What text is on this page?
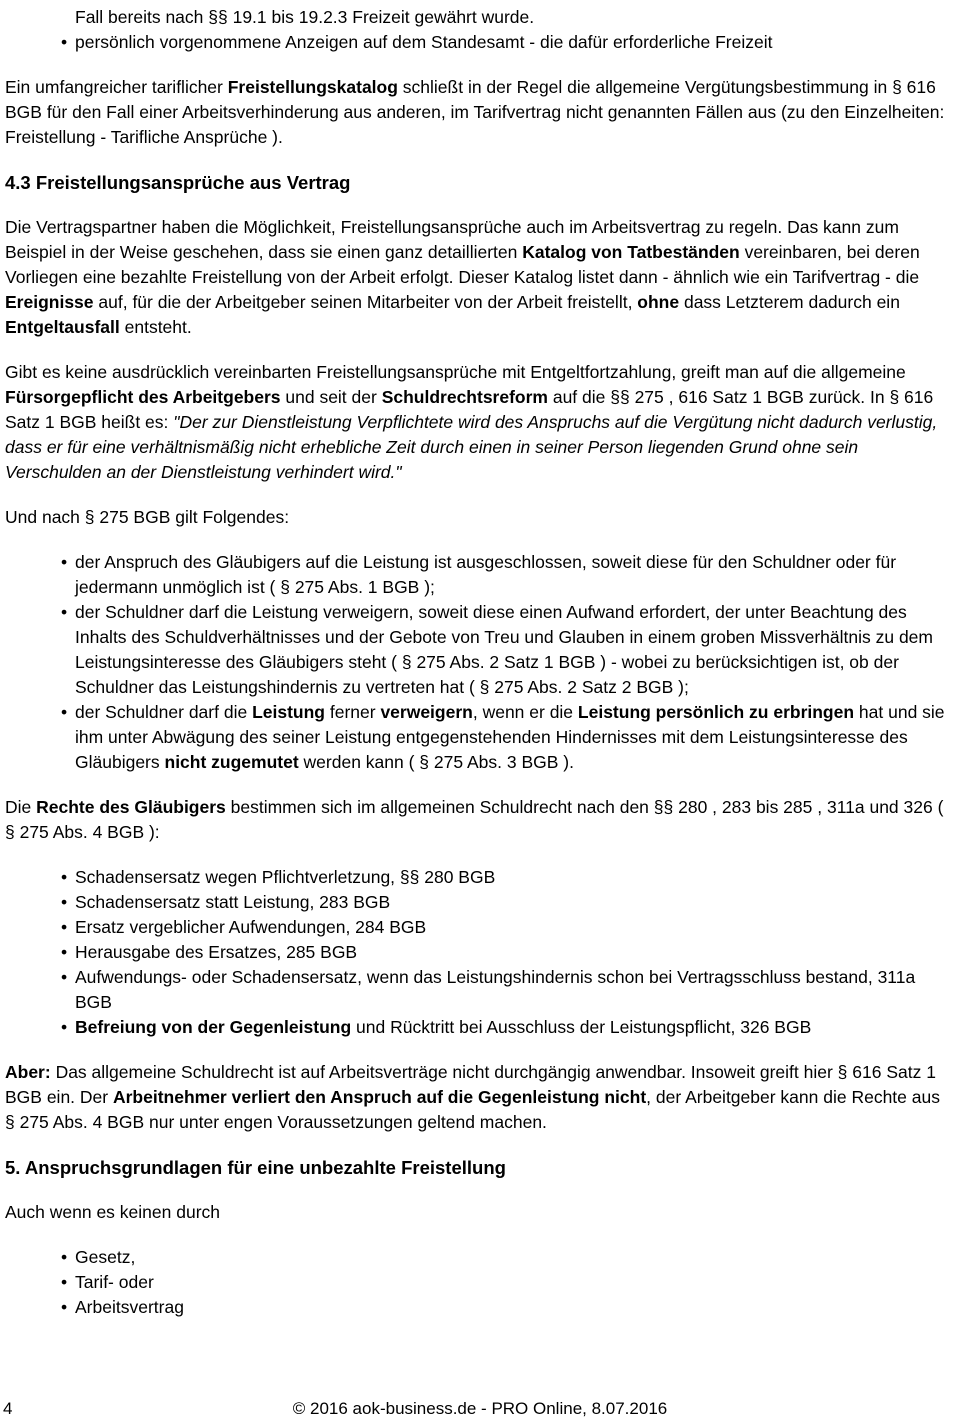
Fall bereits nach §§ 19.1 bis 19.2.3 Freizeit gewährt wurde.

• persönlich vorgenommene Anzeigen auf dem Standesamt - die dafür erforderliche Freizeit

Ein umfangreicher tariflicher Freistellungskatalog schließt in der Regel die allgemeine Vergütungsbestimmung in § 616 BGB für den Fall einer Arbeitsverhinderung aus anderen, im Tarifvertrag nicht genannten Fällen aus (zu den Einzelheiten: Freistellung - Tarifliche Ansprüche ).

4.3 Freistellungsansprüche aus Vertrag

Die Vertragspartner haben die Möglichkeit, Freistellungsansprüche auch im Arbeitsvertrag zu regeln. Das kann zum Beispiel in der Weise geschehen, dass sie einen ganz detaillierten Katalog von Tatbeständen vereinbaren, bei deren Vorliegen eine bezahlte Freistellung von der Arbeit erfolgt. Dieser Katalog listet dann - ähnlich wie ein Tarifvertrag - die Ereignisse auf, für die der Arbeitgeber seinen Mitarbeiter von der Arbeit freistellt, ohne dass Letzterem dadurch ein Entgeltausfall entsteht.

Gibt es keine ausdrücklich vereinbarten Freistellungsansprüche mit Entgeltfortzahlung, greift man auf die allgemeine Fürsorgepflicht des Arbeitgebers und seit der Schuldrechtsreform auf die §§ 275 , 616 Satz 1 BGB zurück. In § 616 Satz 1 BGB heißt es: "Der zur Dienstleistung Verpflichtete wird des Anspruchs auf die Vergütung nicht dadurch verlustig, dass er für eine verhältnismäßig nicht erhebliche Zeit durch einen in seiner Person liegenden Grund ohne sein Verschulden an der Dienstleistung verhindert wird."

Und nach § 275 BGB gilt Folgendes:

• der Anspruch des Gläubigers auf die Leistung ist ausgeschlossen, soweit diese für den Schuldner oder für jedermann unmöglich ist ( § 275 Abs. 1 BGB );
• der Schuldner darf die Leistung verweigern, soweit diese einen Aufwand erfordert, der unter Beachtung des Inhalts des Schuldverhältnisses und der Gebote von Treu und Glauben in einem groben Missverhältnis zu dem Leistungsinteresse des Gläubigers steht ( § 275 Abs. 2 Satz 1 BGB ) - wobei zu berücksichtigen ist, ob der Schuldner das Leistungshindernis zu vertreten hat ( § 275 Abs. 2 Satz 2 BGB );
• der Schuldner darf die Leistung ferner verweigern, wenn er die Leistung persönlich zu erbringen hat und sie ihm unter Abwägung des seiner Leistung entgegenstehenden Hindernisses mit dem Leistungsinteresse des Gläubigers nicht zugemutet werden kann ( § 275 Abs. 3 BGB ).

Die Rechte des Gläubigers bestimmen sich im allgemeinen Schuldrecht nach den §§ 280 , 283 bis 285 , 311a und 326 ( § 275 Abs. 4 BGB ):

• Schadensersatz wegen Pflichtverletzung, §§ 280 BGB
• Schadensersatz statt Leistung, 283 BGB
• Ersatz vergeblicher Aufwendungen, 284 BGB
• Herausgabe des Ersatzes, 285 BGB
• Aufwendungs- oder Schadensersatz, wenn das Leistungshindernis schon bei Vertragsschluss bestand, 311a BGB
• Befreiung von der Gegenleistung und Rücktritt bei Ausschluss der Leistungspflicht, 326 BGB

Aber: Das allgemeine Schuldrecht ist auf Arbeitsverträge nicht durchgängig anwendbar. Insoweit greift hier § 616 Satz 1 BGB ein. Der Arbeitnehmer verliert den Anspruch auf die Gegenleistung nicht, der Arbeitgeber kann die Rechte aus § 275 Abs. 4 BGB nur unter engen Voraussetzungen geltend machen.

5. Anspruchsgrundlagen für eine unbezahlte Freistellung

Auch wenn es keinen durch

• Gesetz,
• Tarif- oder
• Arbeitsvertrag
4	© 2016 aok-business.de - PRO Online, 8.07.2016
